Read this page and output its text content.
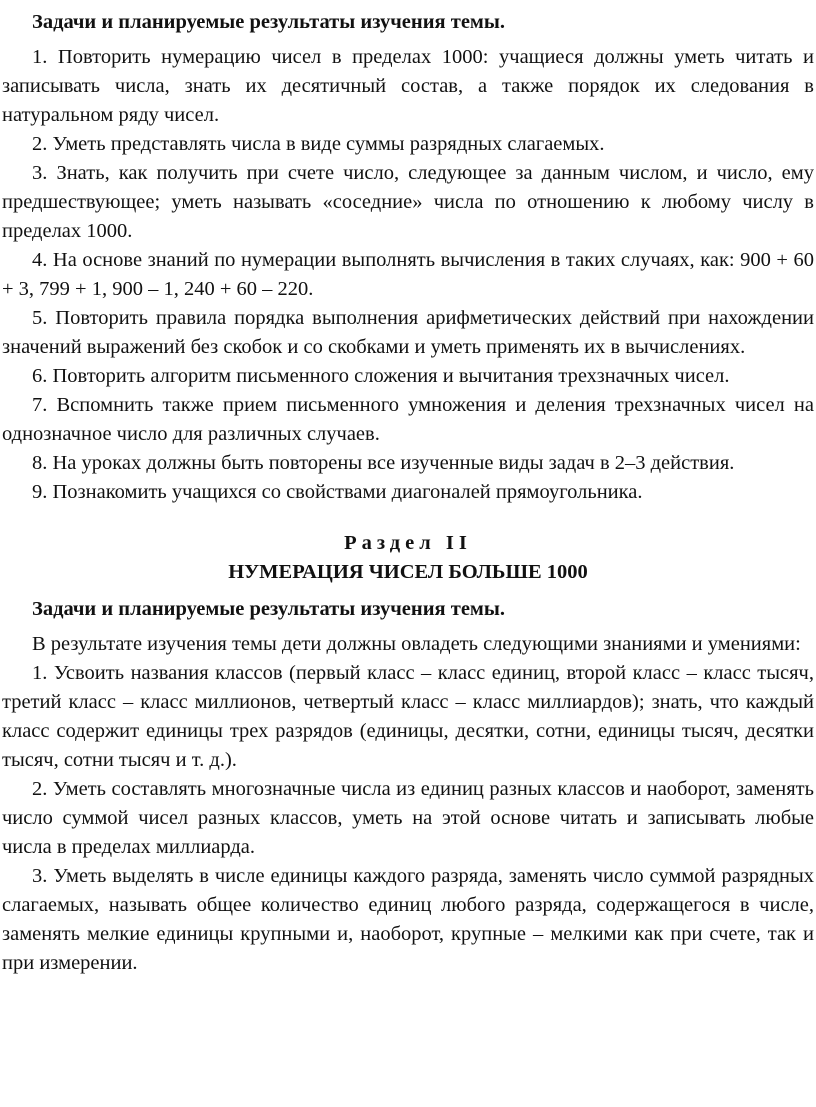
Задачи и планируемые результаты изучения темы.

1. Повторить нумерацию чисел в пределах 1000: учащиеся должны уметь читать и записывать числа, знать их десятичный состав, а также порядок их следования в натуральном ряду чисел.

2. Уметь представлять числа в виде суммы разрядных слагаемых.

3. Знать, как получить при счете число, следующее за данным числом, и число, ему предшествующее; уметь называть «соседние» числа по отношению к любому числу в пределах 1000.

4. На основе знаний по нумерации выполнять вычисления в таких случаях, как: 900 + 60 + 3, 799 + 1, 900 – 1, 240 + 60 – 220.

5. Повторить правила порядка выполнения арифметических действий при нахождении значений выражений без скобок и со скобками и уметь применять их в вычислениях.

6. Повторить алгоритм письменного сложения и вычитания трехзначных чисел.

7. Вспомнить также прием письменного умножения и деления трехзначных чисел на однозначное число для различных случаев.

8. На уроках должны быть повторены все изученные виды задач в 2–3 действия.

9. Познакомить учащихся со свойствами диагоналей прямоугольника.

Раздел II

НУМЕРАЦИЯ ЧИСЕЛ БОЛЬШЕ 1000

Задачи и планируемые результаты изучения темы.

В результате изучения темы дети должны овладеть следующими знаниями и умениями:

1. Усвоить названия классов (первый класс – класс единиц, второй класс – класс тысяч, третий класс – класс миллионов, четвертый класс – класс миллиардов); знать, что каждый класс содержит единицы трех разрядов (единицы, десятки, сотни, единицы тысяч, десятки тысяч, сотни тысяч и т. д.).

2. Уметь составлять многозначные числа из единиц разных классов и наоборот, заменять число суммой чисел разных классов, уметь на этой основе читать и записывать любые числа в пределах миллиарда.

3. Уметь выделять в числе единицы каждого разряда, заменять число суммой разрядных слагаемых, называть общее количество единиц любого разряда, содержащегося в числе, заменять мелкие единицы крупными и, наоборот, крупные – мелкими как при счете, так и при измерении.
